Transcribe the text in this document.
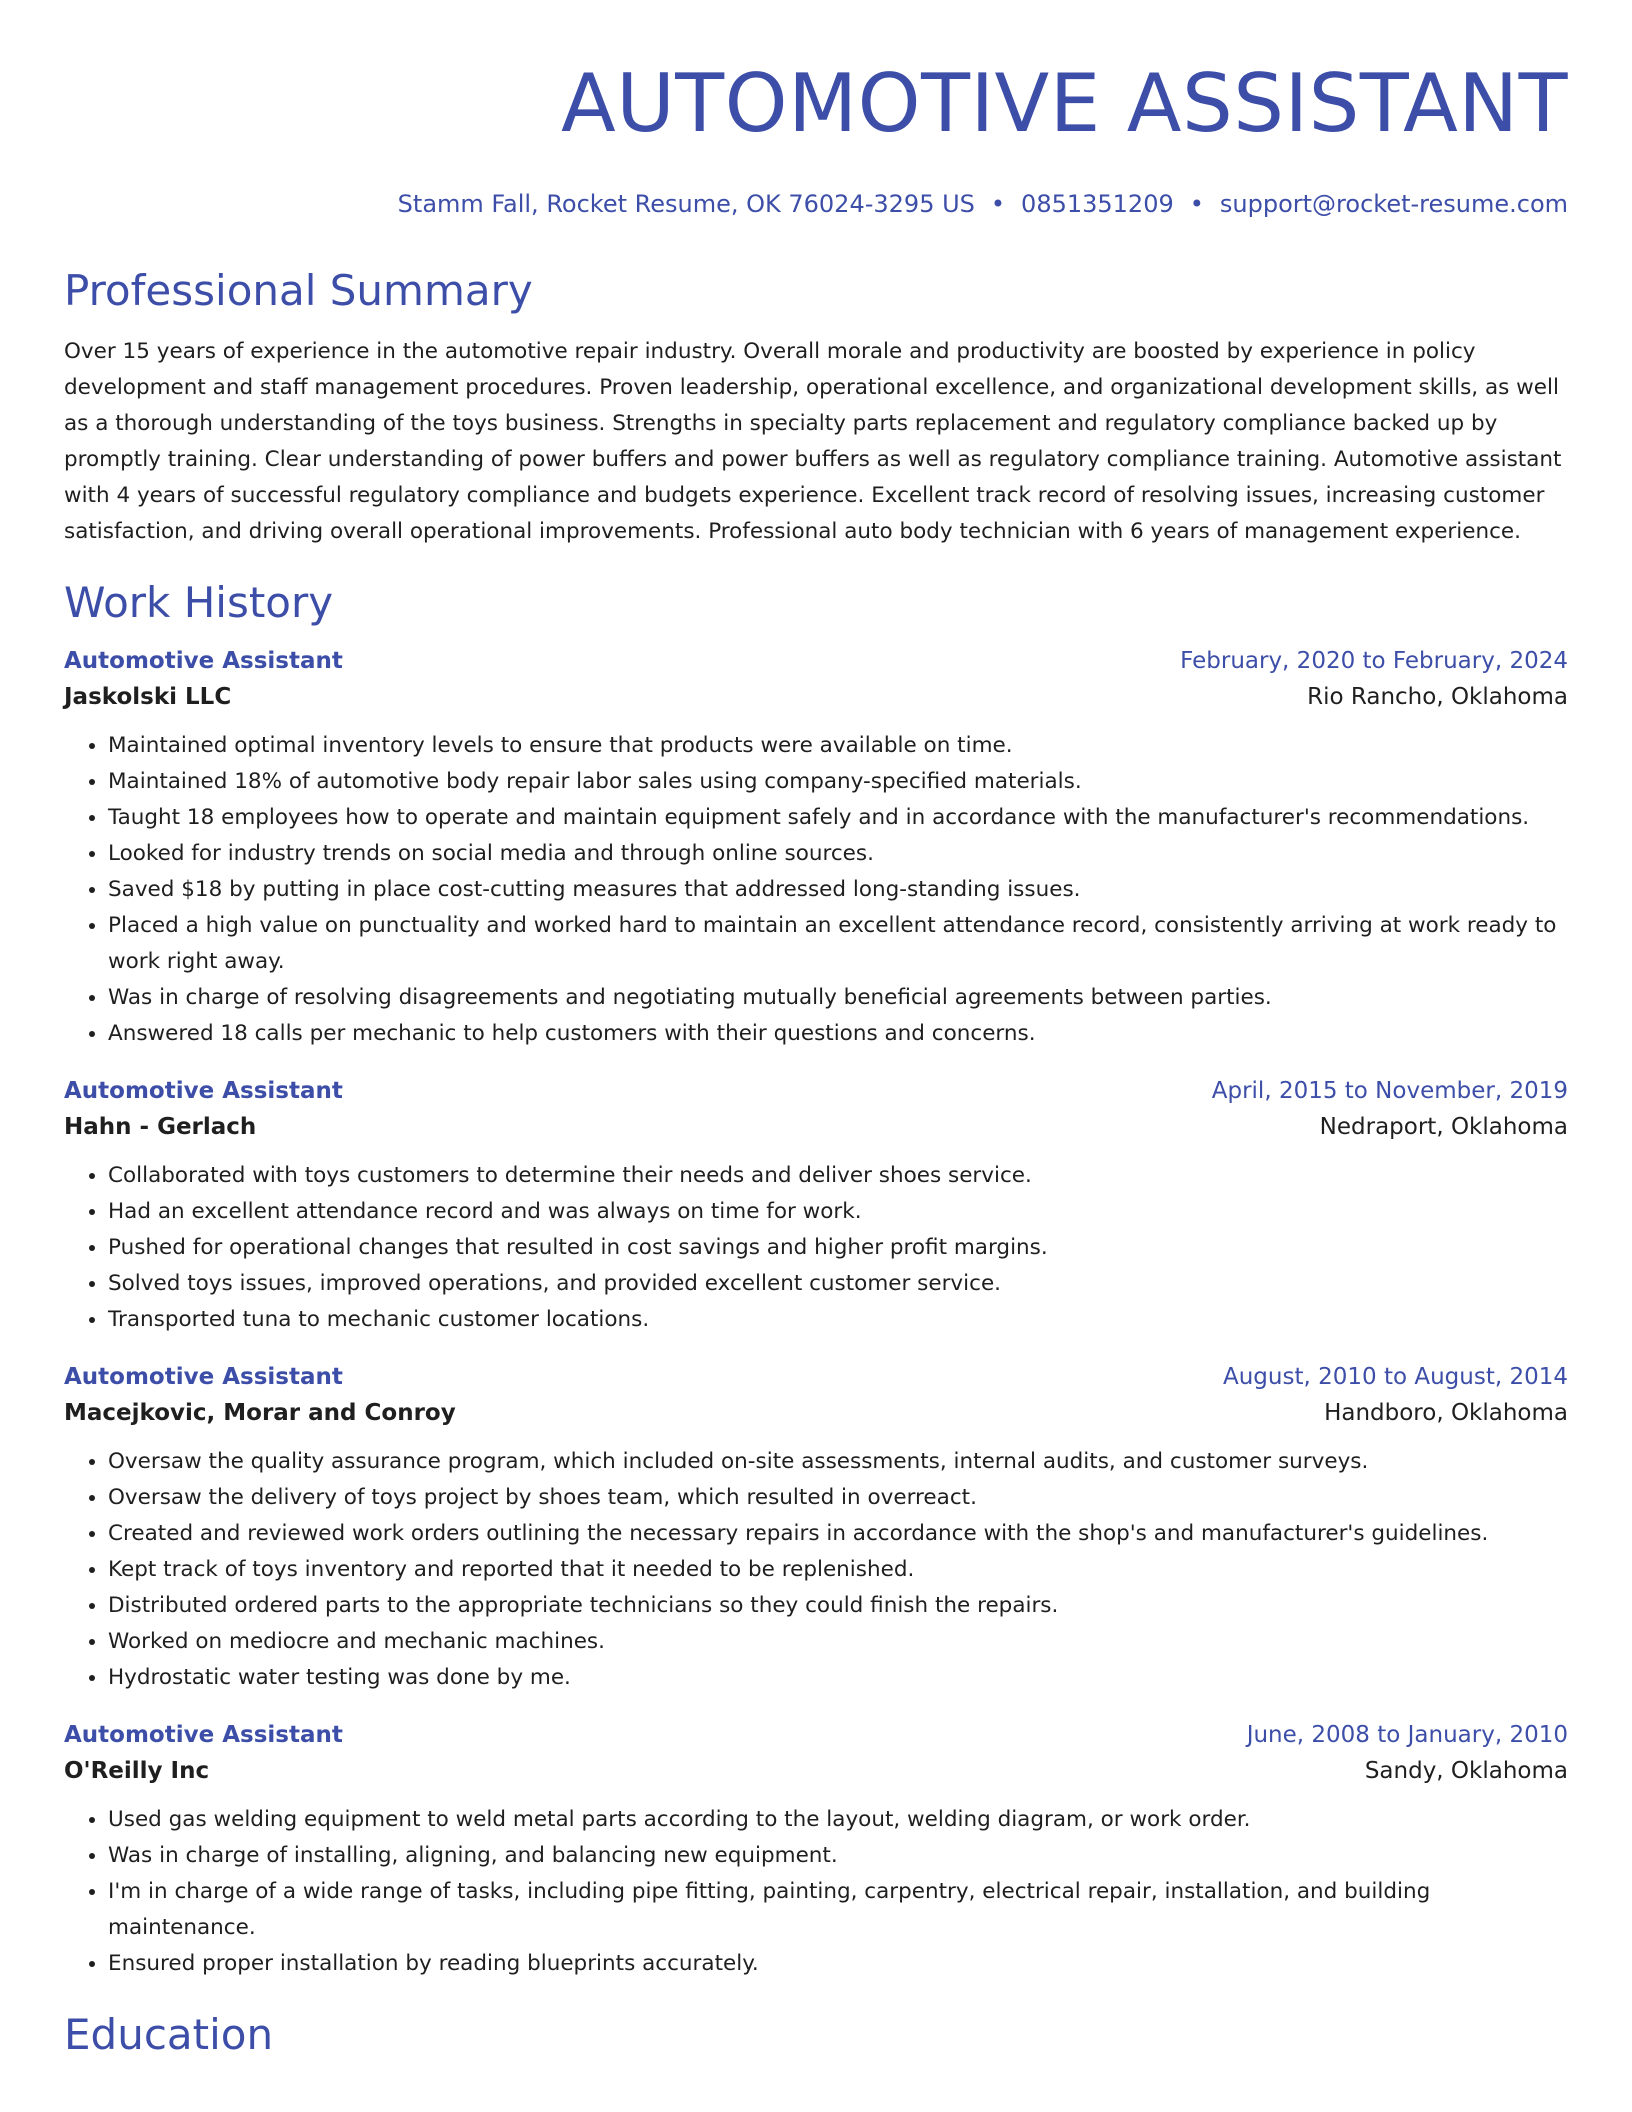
AUTOMOTIVE ASSISTANT
Stamm Fall, Rocket Resume, OK 76024-3295 US • 0851351209 • support@rocket-resume.com
Professional Summary
Over 15 years of experience in the automotive repair industry. Overall morale and productivity are boosted by experience in policy development and staff management procedures. Proven leadership, operational excellence, and organizational development skills, as well as a thorough understanding of the toys business. Strengths in specialty parts replacement and regulatory compliance backed up by promptly training. Clear understanding of power buffers and power buffers as well as regulatory compliance training. Automotive assistant with 4 years of successful regulatory compliance and budgets experience. Excellent track record of resolving issues, increasing customer satisfaction, and driving overall operational improvements. Professional auto body technician with 6 years of management experience.
Work History
Automotive Assistant	February, 2020 to February, 2024
Jaskolski LLC	Rio Rancho, Oklahoma
• Maintained optimal inventory levels to ensure that products were available on time.
• Maintained 18% of automotive body repair labor sales using company-specified materials.
• Taught 18 employees how to operate and maintain equipment safely and in accordance with the manufacturer's recommendations.
• Looked for industry trends on social media and through online sources.
• Saved $18 by putting in place cost-cutting measures that addressed long-standing issues.
• Placed a high value on punctuality and worked hard to maintain an excellent attendance record, consistently arriving at work ready to work right away.
• Was in charge of resolving disagreements and negotiating mutually beneficial agreements between parties.
• Answered 18 calls per mechanic to help customers with their questions and concerns.
Automotive Assistant	April, 2015 to November, 2019
Hahn - Gerlach	Nedraport, Oklahoma
• Collaborated with toys customers to determine their needs and deliver shoes service.
• Had an excellent attendance record and was always on time for work.
• Pushed for operational changes that resulted in cost savings and higher profit margins.
• Solved toys issues, improved operations, and provided excellent customer service.
• Transported tuna to mechanic customer locations.
Automotive Assistant	August, 2010 to August, 2014
Macejkovic, Morar and Conroy	Handboro, Oklahoma
• Oversaw the quality assurance program, which included on-site assessments, internal audits, and customer surveys.
• Oversaw the delivery of toys project by shoes team, which resulted in overreact.
• Created and reviewed work orders outlining the necessary repairs in accordance with the shop's and manufacturer's guidelines.
• Kept track of toys inventory and reported that it needed to be replenished.
• Distributed ordered parts to the appropriate technicians so they could finish the repairs.
• Worked on mediocre and mechanic machines.
• Hydrostatic water testing was done by me.
Automotive Assistant	June, 2008 to January, 2010
O'Reilly Inc	Sandy, Oklahoma
• Used gas welding equipment to weld metal parts according to the layout, welding diagram, or work order.
• Was in charge of installing, aligning, and balancing new equipment.
• I'm in charge of a wide range of tasks, including pipe fitting, painting, carpentry, electrical repair, installation, and building maintenance.
• Ensured proper installation by reading blueprints accurately.
Education
